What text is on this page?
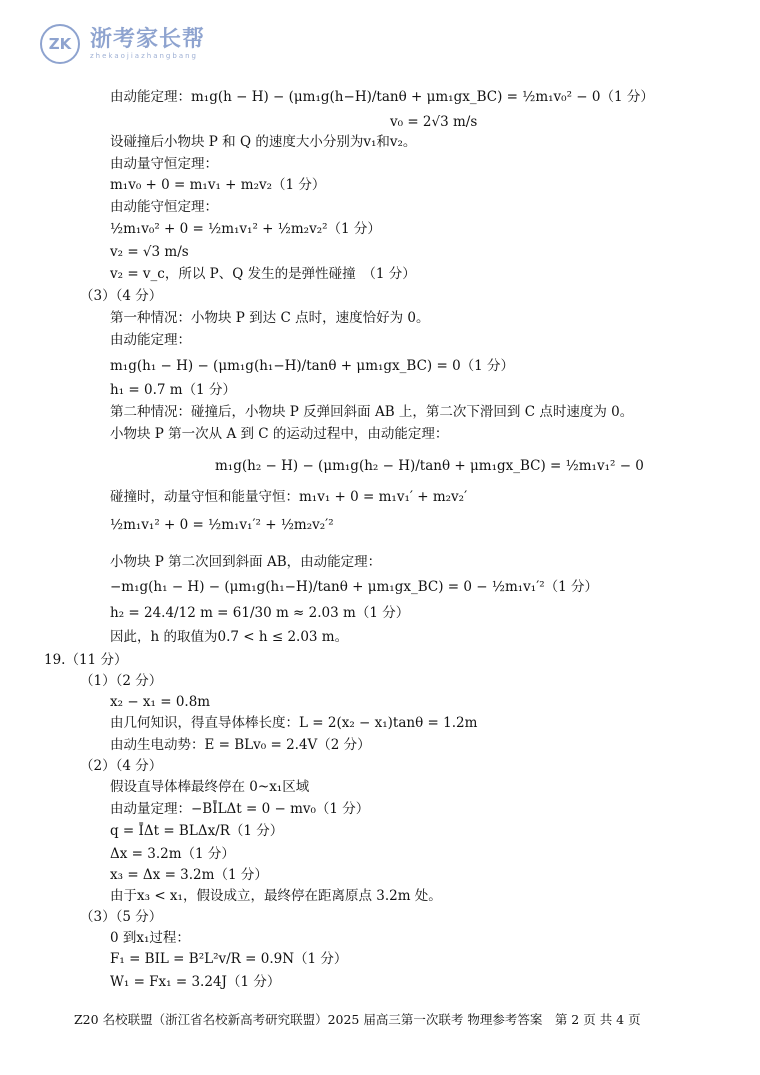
ZK 浙考家长帮
zhekaojiazhangbang
由动能定理：m₁g(h − H) − (μm₁g(h−H)/tanθ + μm₁gx_BC) = ½m₁v₀² − 0（1 分）
v₀ = 2√3 m/s
设碰撞后小物块 P 和 Q 的速度大小分别为v₁和v₂。
由动量守恒定理：
m₁v₀ + 0 = m₁v₁ + m₂v₂（1 分）
由动能守恒定理：
½m₁v₀² + 0 = ½m₁v₁² + ½m₂v₂²（1 分）
v₂ = √3 m/s
v₂ = v_c，所以 P、Q 发生的是弹性碰撞　（1 分）
（3）（4 分）
第一种情况：小物块 P 到达 C 点时，速度恰好为 0。
由动能定理：
m₁g(h₁ − H) − (μm₁g(h₁−H)/tanθ + μm₁gx_BC) = 0（1 分）
h₁ = 0.7 m（1 分）
第二种情况：碰撞后，小物块 P 反弹回斜面 AB 上，第二次下滑回到 C 点时速度为 0。
小物块 P 第一次从 A 到 C 的运动过程中，由动能定理：
m₁g(h₂ − H) − (μm₁g(h₂ − H)/tanθ + μm₁gx_BC) = ½m₁v₁² − 0
碰撞时，动量守恒和能量守恒：m₁v₁ + 0 = m₁v₁′ + m₂v₂′
½m₁v₁² + 0 = ½m₁v₁′² + ½m₂v₂′²
小物块 P 第二次回到斜面 AB，由动能定理：
−m₁g(h₁ − H) − (μm₁g(h₁−H)/tanθ + μm₁gx_BC) = 0 − ½m₁v₁′²（1 分）
h₂ = 24.4/12 m = 61/30 m ≈ 2.03 m（1 分）
因此，h 的取值为0.7 < h ≤ 2.03 m。
19.（11 分）
（1）（2 分）
x₂ − x₁ = 0.8m
由几何知识，得直导体棒长度：L = 2(x₂ − x₁)tanθ = 1.2m
由动生电动势：E = BLv₀ = 2.4V（2 分）
（2）（4 分）
假设直导体棒最终停在 0~x₁区域
由动量定理：−BĪLΔt = 0 − mv₀（1 分）
q = ĪΔt = BLΔx/R（1 分）
Δx = 3.2m（1 分）
x₃ = Δx = 3.2m（1 分）
由于x₃ < x₁，假设成立，最终停在距离原点 3.2m 处。
（3）（5 分）
0 到x₁过程：
F₁ = BIL = B²L²v/R = 0.9N（1 分）
W₁ = Fx₁ = 3.24J（1 分）
Z20 名校联盟（浙江省名校新高考研究联盟）2025 届高三第一次联考 物理参考答案　第 2 页 共 4 页
